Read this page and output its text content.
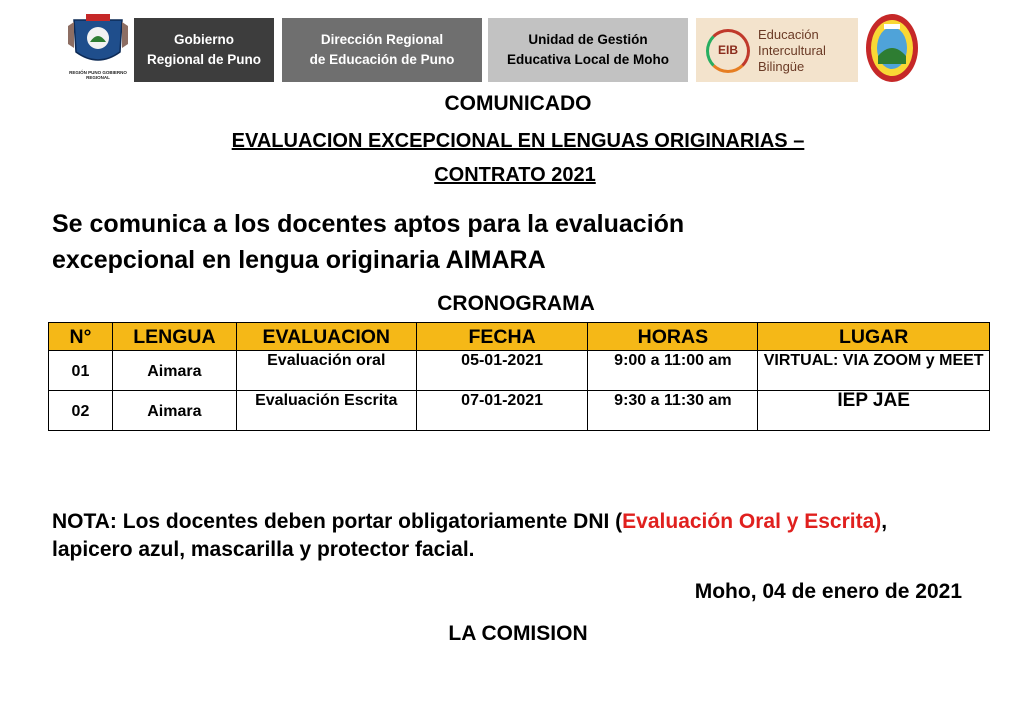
REGIÓN PUNO GOBIERNO REGIONAL
Gobierno
Regional de Puno
Dirección Regional
de Educación de Puno
Unidad de Gestión
Educativa Local de Moho
EIB
Educación
Intercultural
Bilingüe
COMUNICADO
EVALUACION EXCEPCIONAL EN LENGUAS ORIGINARIAS –
CONTRATO 2021
Se comunica a los docentes aptos para la evaluación
excepcional en lengua originaria AIMARA
CRONOGRAMA
N°	LENGUA	EVALUACION	FECHA	HORAS	LUGAR
01	Aimara	Evaluación oral	05-01-2021	9:00 a 11:00 am	VIRTUAL: VIA ZOOM y MEET
02	Aimara	Evaluación Escrita	07-01-2021	9:30 a 11:30 am	IEP JAE
NOTA: Los docentes deben portar obligatoriamente DNI (Evaluación Oral y Escrita), lapicero azul, mascarilla y protector facial.
Moho, 04 de enero de 2021
LA COMISION
